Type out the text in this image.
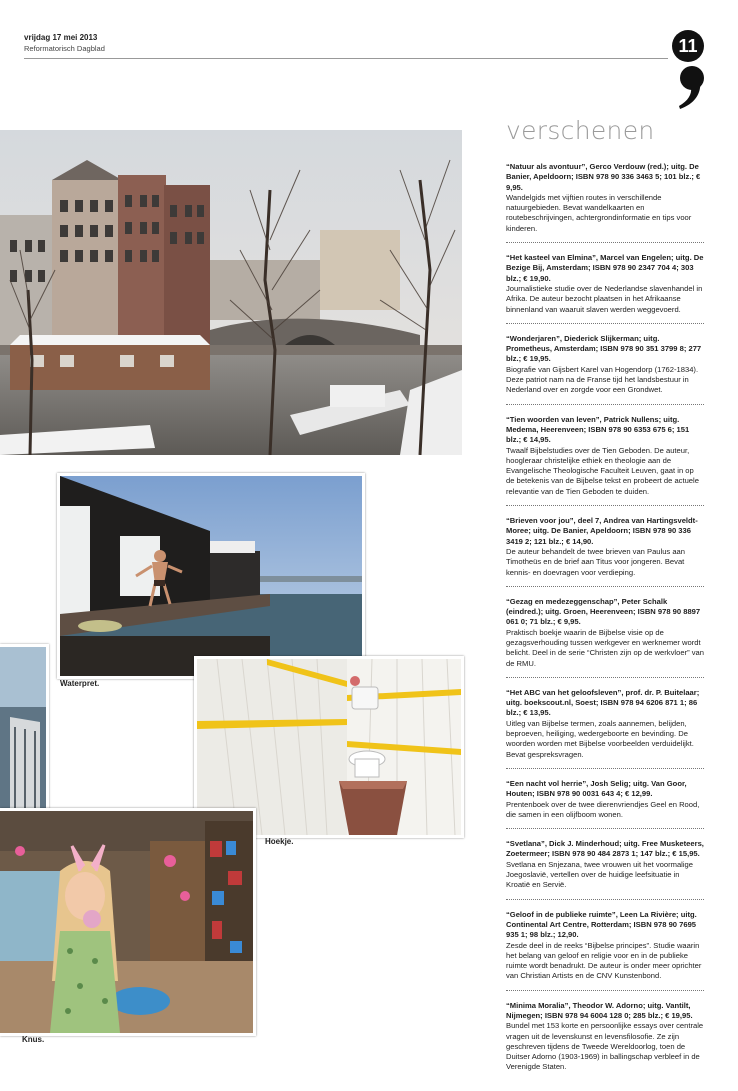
vrijdag 17 mei 2013
Reformatorisch Dagblad	11
verschenen
“Natuur als avontuur”, Gerco Verdouw (red.); uitg. De Banier, Apeldoorn; ISBN 978 90 336 3463 5; 101 blz.; € 9,95.
Wandelgids met vijftien routes in verschillende natuurgebieden. Bevat wandelkaarten en routebeschrijvingen, achtergrondinformatie en tips voor kinderen.
“Het kasteel van Elmina”, Marcel van Engelen; uitg. De Bezige Bij, Amsterdam; ISBN 978 90 2347 704 4; 303 blz.; € 19,90.
Journalistieke studie over de Nederlandse slavenhandel in Afrika. De auteur bezocht plaatsen in het Afrikaanse binnenland van waaruit slaven werden weggevoerd.
“Wonderjaren”, Diederick Slijkerman; uitg. Prometheus, Amsterdam; ISBN 978 90 351 3799 8; 277 blz.; € 19,95.
Biografie van Gijsbert Karel van Hogendorp (1762-1834). Deze patriot nam na de Franse tijd het landsbestuur in Nederland over en zorgde voor een Grondwet.
“Tien woorden van leven”, Patrick Nullens; uitg. Medema, Heerenveen; ISBN 978 90 6353 675 6; 151 blz.; € 14,95.
Twaalf Bijbelstudies over de Tien Geboden. De auteur, hoogleraar christelijke ethiek en theologie aan de Evangelische Theologische Faculteit Leuven, gaat in op de betekenis van de Bijbelse tekst en probeert de actuele relevantie van de Tien Geboden te duiden.
“Brieven voor jou”, deel 7, Andrea van Hartingsveldt-Moree; uitg. De Banier, Apeldoorn; ISBN 978 90 336 3419 2; 121 blz.; € 14,90.
De auteur behandelt de twee brieven van Paulus aan Timotheüs en de brief aan Titus voor jongeren. Bevat kennis- en doevragen voor verdieping.
“Gezag en medezeggenschap”, Peter Schalk (eindred.); uitg. Groen, Heerenveen; ISBN 978 90 8897 061 0; 71 blz.; € 9,95.
Praktisch boekje waarin de Bijbelse visie op de gezagsverhouding tussen werkgever en werknemer wordt belicht. Deel in de serie “Christen zijn op de werkvloer” van de RMU.
“Het ABC van het geloofsleven”, prof. dr. P. Buitelaar; uitg. boekscout.nl, Soest; ISBN 978 94 6206 871 1; 86 blz.; € 13,95.
Uitleg van Bijbelse termen, zoals aannemen, belijden, beproeven, heiliging, wedergeboorte en bevinding. De woorden worden met Bijbelse voorbeelden verduidelijkt. Bevat gespreksvragen.
“Een nacht vol herrie”, Josh Selig; uitg. Van Goor, Houten; ISBN 978 90 0031 643 4; € 12,99.
Prentenboek over de twee dierenvriendjes Geel en Rood, die samen in een olijfboom wonen.
“Svetlana”, Dick J. Minderhoud; uitg. Free Musketeers, Zoetermeer; ISBN 978 90 484 2873 1; 147 blz.; € 15,95.
Svetlana en Snjezana, twee vrouwen uit het voormalige Joegoslavië, vertellen over de huidige leefsituatie in Kroatië en Servië.
“Geloof in de publieke ruimte”, Leen La Rivière; uitg. Continental Art Centre, Rotterdam; ISBN 978 90 7695 935 1; 98 blz.; 12,90.
Zesde deel in de reeks “Bijbelse principes”. Studie waarin het belang van geloof en religie voor en in de publieke ruimte wordt benadrukt. De auteur is onder meer oprichter van Christian Artists en de CNV Kunstenbond.
“Minima Moralia”, Theodor W. Adorno; uitg. Vantilt, Nijmegen; ISBN 978 94 6004 128 0; 285 blz.; € 19,95.
Bundel met 153 korte en persoonlijke essays over centrale vragen uit de levenskunst en levensfilosofie. Ze zijn geschreven tijdens de Tweede Wereldoorlog, toen de Duitser Adorno (1903-1969) in ballingschap verbleef in de Verenigde Staten.
Waterpret.
Hoekje.
Knus.
